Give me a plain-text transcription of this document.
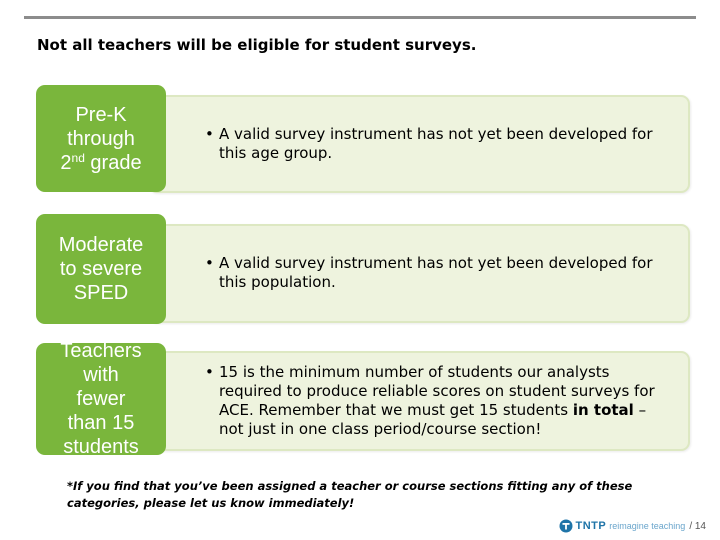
Not all teachers will be eligible for student surveys.
Pre-K
through
2nd grade
• A valid survey instrument has not yet been developed for this age group.
Moderate
to severe
SPED
• A valid survey instrument has not yet been developed for this population.
Teachers
with
fewer
than 15
students
• 15 is the minimum number of students our analysts required to produce reliable scores on student surveys for ACE. Remember that we must get 15 students in total – not just in one class period/course section!
*If you find that you’ve been assigned a teacher or course sections fitting any of these categories, please let us know immediately!
TNTP reimagine teaching / 14
